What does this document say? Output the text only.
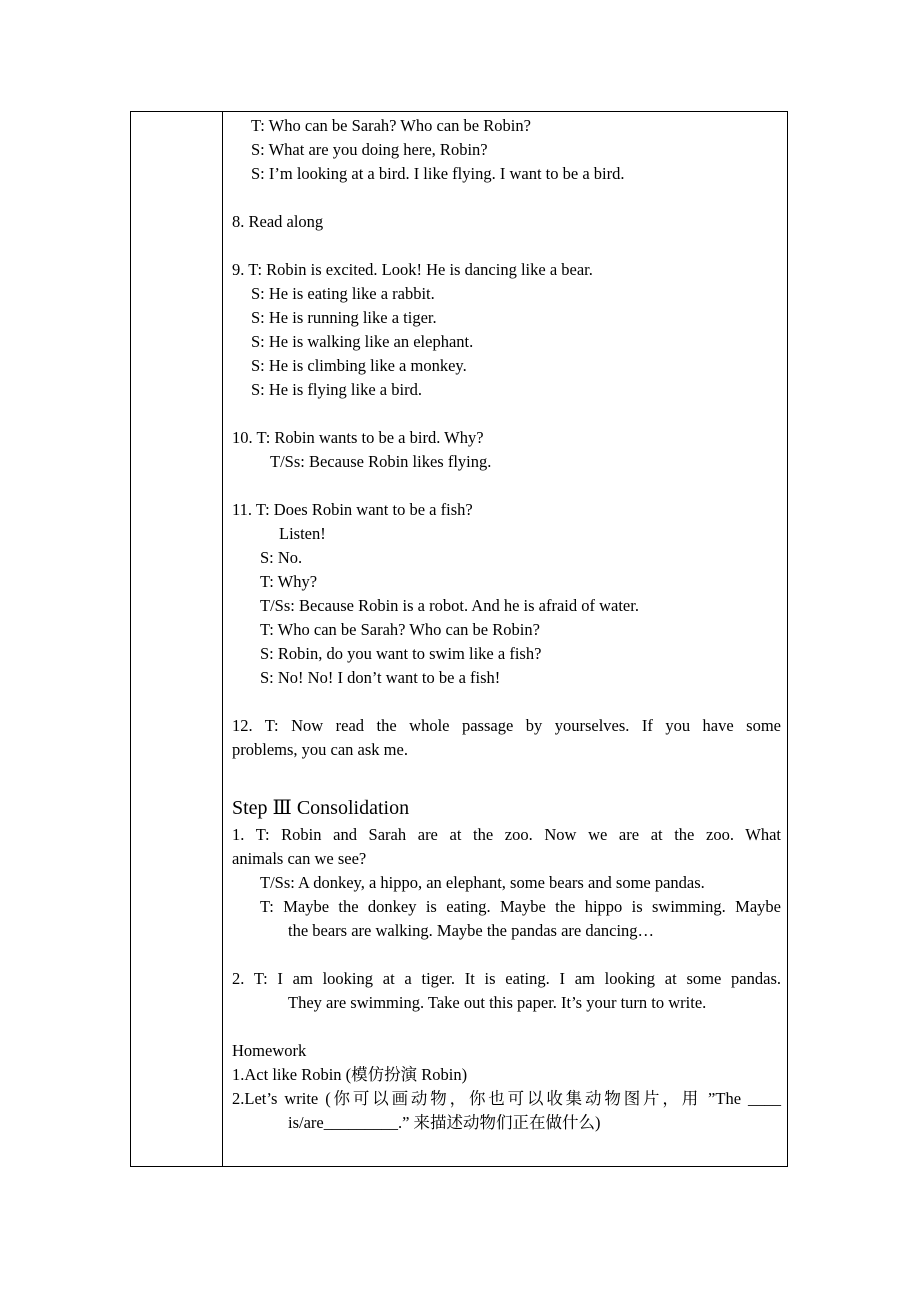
T: Who can be Sarah? Who can be Robin?
S: What are you doing here, Robin?
S: I’m looking at a bird. I like flying. I want to be a bird.
8. Read along
9. T: Robin is excited. Look! He is dancing like a bear.
S: He is eating like a rabbit.
S: He is running like a tiger.
S: He is walking like an elephant.
S: He is climbing like a monkey.
S: He is flying like a bird.
10. T: Robin wants to be a bird. Why?
T/Ss: Because Robin likes flying.
11. T: Does Robin want to be a fish?
Listen!
S: No.
T: Why?
T/Ss: Because Robin is a robot. And he is afraid of water.
T: Who can be Sarah? Who can be Robin?
S: Robin, do you want to swim like a fish?
S: No! No! I don’t want to be a fish!
12. T: Now read the whole passage by yourselves. If you have some
problems, you can ask me.
Step Ⅲ Consolidation
1. T: Robin and Sarah are at the zoo. Now we are at the zoo. What
animals can we see?
T/Ss: A donkey, a hippo, an elephant, some bears and some pandas.
T: Maybe the donkey is eating. Maybe the hippo is swimming. Maybe
the bears are walking. Maybe the pandas are dancing…
2. T: I am looking at a tiger. It is eating. I am looking at some pandas.
They are swimming. Take out this paper. It’s your turn to write.
Homework
1.Act like Robin (模仿扮演 Robin)
2.Let’s write (你可以画动物，你也可以收集动物图片，用 ”The ____
is/are_________.” 来描述动物们正在做什么)
